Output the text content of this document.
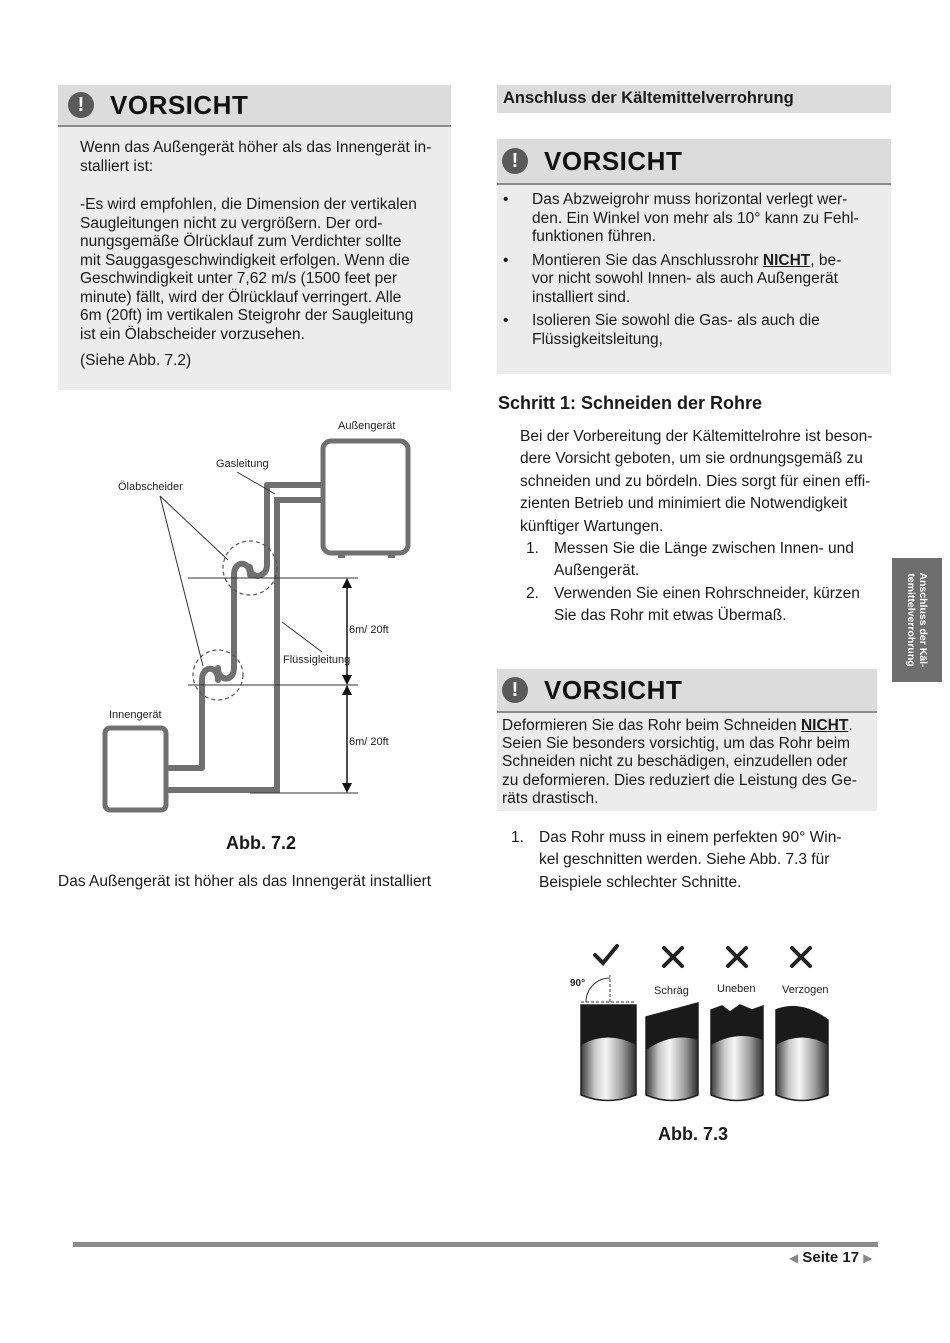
! VORSICHT

Wenn das Außengerät höher als das Innengerät in-
stalliert ist:

-Es wird empfohlen, die Dimension der vertikalen
Saugleitungen nicht zu vergrößern. Der ord-
nungsgemäße Ölrücklauf zum Verdichter sollte
mit Sauggasgeschwindigkeit erfolgen. Wenn die
Geschwindigkeit unter 7,62 m/s (1500 feet per
minute) fällt, wird der Ölrücklauf verringert. Alle
6m (20ft) im vertikalen Steigrohr der Saugleitung
ist ein Ölabscheider vorzusehen.

(Siehe Abb. 7.2)

Außengerät
Gasleitung
Ölabscheider
6m/ 20ft
Flüssigleitung
Innengerät
6m/ 20ft
Abb. 7.2
Das Außengerät ist höher als das Innengerät installiert
Anschluss der Kältemittelverrohrung
! VORSICHT
• Das Abzweigrohr muss horizontal verlegt wer-
den. Ein Winkel von mehr als 10° kann zu Fehl-
funktionen führen.
• Montieren Sie das Anschlussrohr NICHT, be-
vor nicht sowohl Innen- als auch Außengerät
installiert sind.
• Isolieren Sie sowohl die Gas- als auch die
Flüssigkeitsleitung,
Schritt 1: Schneiden der Rohre

Bei der Vorbereitung der Kältemittelrohre ist beson-
dere Vorsicht geboten, um sie ordnungsgemäß zu
schneiden und zu bördeln. Dies sorgt für einen effi-
zienten Betrieb und minimiert die Notwendigkeit
künftiger Wartungen.

1. Messen Sie die Länge zwischen Innen- und
Außengerät.
2. Verwenden Sie einen Rohrschneider, kürzen
Sie das Rohr mit etwas Übermaß.
! VORSICHT

Deformieren Sie das Rohr beim Schneiden NICHT.
Seien Sie besonders vorsichtig, um das Rohr beim
Schneiden nicht zu beschädigen, einzudellen oder
zu deformieren. Dies reduziert die Leistung des Ge-
räts drastisch.

1. Das Rohr muss in einem perfekten 90° Win-
kel geschnitten werden. Siehe Abb. 7.3 für
Beispiele schlechter Schnitte.
90°
Schräg	Uneben Verzogen
Abb. 7.3
Anschluss der Käl-
temittelverrohrung
◀ Seite 17 ▶
